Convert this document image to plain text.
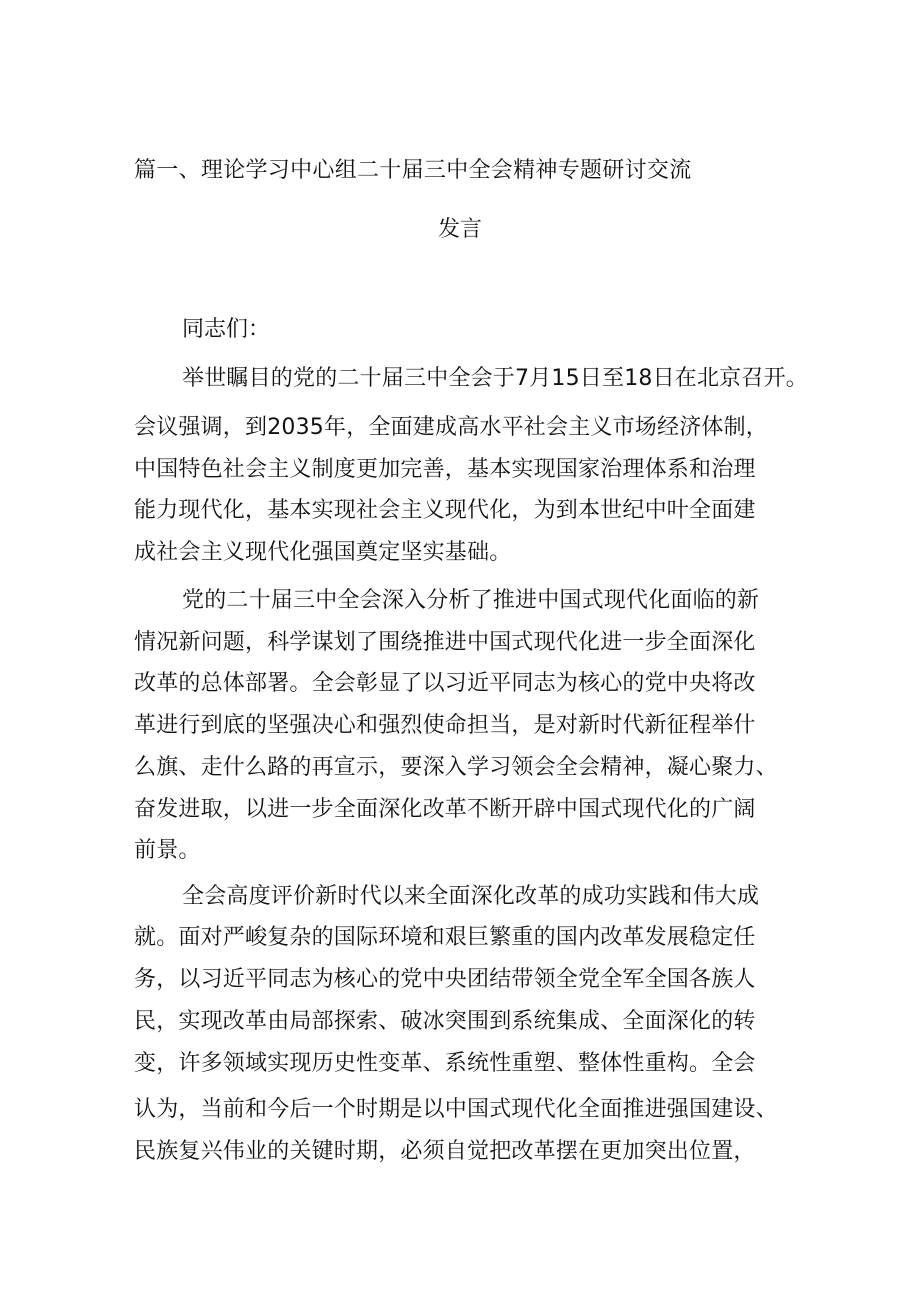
篇一、理论学习中心组二十届三中全会精神专题研讨交流
发言
同志们：
举世瞩目的党的二十届三中全会于7月15日至18日在北京召开。
会议强调，到2035年，全面建成高水平社会主义市场经济体制，
中国特色社会主义制度更加完善，基本实现国家治理体系和治理
能力现代化，基本实现社会主义现代化，为到本世纪中叶全面建
成社会主义现代化强国奠定坚实基础。
党的二十届三中全会深入分析了推进中国式现代化面临的新
情况新问题，科学谋划了围绕推进中国式现代化进一步全面深化
改革的总体部署。全会彰显了以习近平同志为核心的党中央将改
革进行到底的坚强决心和强烈使命担当，是对新时代新征程举什
么旗、走什么路的再宣示，要深入学习领会全会精神，凝心聚力、
奋发进取，以进一步全面深化改革不断开辟中国式现代化的广阔
前景。
全会高度评价新时代以来全面深化改革的成功实践和伟大成
就。面对严峻复杂的国际环境和艰巨繁重的国内改革发展稳定任
务，以习近平同志为核心的党中央团结带领全党全军全国各族人
民，实现改革由局部探索、破冰突围到系统集成、全面深化的转
变，许多领域实现历史性变革、系统性重塑、整体性重构。全会
认为，当前和今后一个时期是以中国式现代化全面推进强国建设、
民族复兴伟业的关键时期，必须自觉把改革摆在更加突出位置，
